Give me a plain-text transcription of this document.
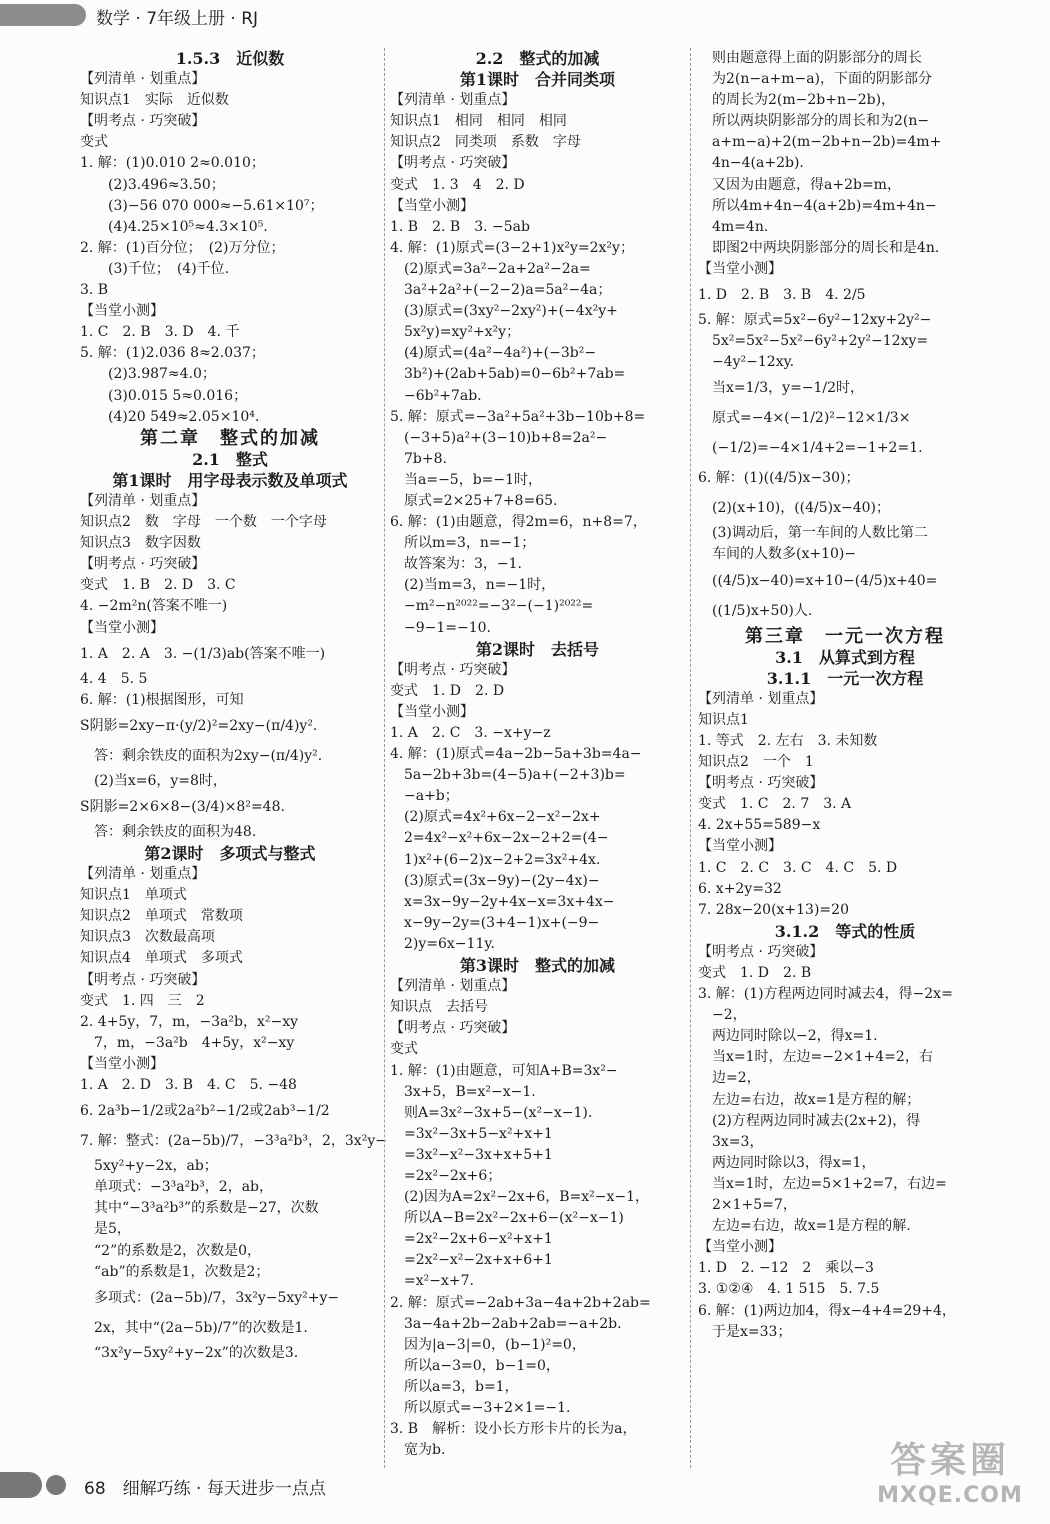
数学 · 7年级上册 · RJ
1.5.3　近似数
【列清单 · 划重点】
知识点1　实际　近似数
【明考点 · 巧突破】
变式
1. 解：(1)0.010 2≈0.010；
　　(2)3.496≈3.50；
　　(3)−56 070 000≈−5.61×10⁷；
　　(4)4.25×10⁵≈4.3×10⁵.
2. 解：(1)百分位；　(2)万分位；
　　(3)千位；　(4)千位.
3. B
【当堂小测】
1. C　2. B　3. D　4. 千
5. 解：(1)2.036 8≈2.037；
　　(2)3.987≈4.0；
　　(3)0.015 5≈0.016；
　　(4)20 549≈2.05×10⁴.
第二章　整式的加减
2.1　整式
第1课时　用字母表示数及单项式
【列清单 · 划重点】
知识点2　数　字母　一个数　一个字母
知识点3　数字因数
【明考点 · 巧突破】
变式　1. B　2. D　3. C
4. −2m²n(答案不唯一)
【当堂小测】
1. A　2. A　3. −(1/3)ab(答案不唯一)
4. 4　5. 5
6. 解：(1)根据图形，可知
S阴影=2xy−π·(y/2)²=2xy−(π/4)y².
　答：剩余铁皮的面积为2xy−(π/4)y².
　(2)当x=6，y=8时，
S阴影=2×6×8−(3/4)×8²=48.
　答：剩余铁皮的面积为48.
第2课时　多项式与整式
【列清单 · 划重点】
知识点1　单项式
知识点2　单项式　常数项
知识点3　次数最高项
知识点4　单项式　多项式
【明考点 · 巧突破】
变式　1. 四　三　2
2. 4+5y，7，m，−3a²b，x²−xy
　7，m，−3a²b　4+5y，x²−xy
【当堂小测】
1. A　2. D　3. B　4. C　5. −48
6. 2a³b−1/2或2a²b²−1/2或2ab³−1/2
7. 解：整式：(2a−5b)/7，−3³a²b³，2，3x²y−
　5xy²+y−2x，ab；
　单项式：−3³a²b³，2，ab，
　其中“−3³a²b³”的系数是−27，次数
　是5，
　“2”的系数是2，次数是0，
　“ab”的系数是1，次数是2；
　多项式：(2a−5b)/7，3x²y−5xy²+y−
　2x，其中“(2a−5b)/7”的次数是1.
　“3x²y−5xy²+y−2x”的次数是3.
2.2　整式的加减
第1课时　合并同类项
【列清单 · 划重点】
知识点1　相同　相同　相同
知识点2　同类项　系数　字母
【明考点 · 巧突破】
变式　1. 3　4　2. D
【当堂小测】
1. B　2. B　3. −5ab
4. 解：(1)原式=(3−2+1)x²y=2x²y；
　(2)原式=3a²−2a+2a²−2a=
　3a²+2a²+(−2−2)a=5a²−4a；
　(3)原式=(3xy²−2xy²)+(−4x²y+
　5x²y)=xy²+x²y；
　(4)原式=(4a²−4a²)+(−3b²−
　3b²)+(2ab+5ab)=0−6b²+7ab=
　−6b²+7ab.
5. 解：原式=−3a²+5a²+3b−10b+8=
　(−3+5)a²+(3−10)b+8=2a²−
　7b+8.
　当a=−5，b=−1时，
　原式=2×25+7+8=65.
6. 解：(1)由题意，得2m=6，n+8=7，
　所以m=3，n=−1；
　故答案为：3，−1.
　(2)当m=3，n=−1时，
　−m²−n²⁰²²=−3²−(−1)²⁰²²=
　−9−1=−10.
第2课时　去括号
【明考点 · 巧突破】
变式　1. D　2. D
【当堂小测】
1. A　2. C　3. −x+y−z
4. 解：(1)原式=4a−2b−5a+3b=4a−
　5a−2b+3b=(4−5)a+(−2+3)b=
　−a+b；
　(2)原式=4x²+6x−2−x²−2x+
　2=4x²−x²+6x−2x−2+2=(4−
　1)x²+(6−2)x−2+2=3x²+4x.
　(3)原式=(3x−9y)−(2y−4x)−
　x=3x−9y−2y+4x−x=3x+4x−
　x−9y−2y=(3+4−1)x+(−9−
　2)y=6x−11y.
第3课时　整式的加减
【列清单 · 划重点】
知识点　去括号
【明考点 · 巧突破】
变式
1. 解：(1)由题意，可知A+B=3x²−
　3x+5，B=x²−x−1.
　则A=3x²−3x+5−(x²−x−1).
　=3x²−3x+5−x²+x+1
　=3x²−x²−3x+x+5+1
　=2x²−2x+6；
　(2)因为A=2x²−2x+6，B=x²−x−1，
　所以A−B=2x²−2x+6−(x²−x−1)
　=2x²−2x+6−x²+x+1
　=2x²−x²−2x+x+6+1
　=x²−x+7.
2. 解：原式=−2ab+3a−4a+2b+2ab=
　3a−4a+2b−2ab+2ab=−a+2b.
　因为|a−3|=0，(b−1)²=0，
　所以a−3=0，b−1=0，
　所以a=3，b=1，
　所以原式=−3+2×1=−1.
3. B　解析：设小长方形卡片的长为a，
　宽为b.
　则由题意得上面的阴影部分的周长
　为2(n−a+m−a)，下面的阴影部分
　的周长为2(m−2b+n−2b)，
　所以两块阴影部分的周长和为2(n−
　a+m−a)+2(m−2b+n−2b)=4m+
　4n−4(a+2b).
　又因为由题意，得a+2b=m，
　所以4m+4n−4(a+2b)=4m+4n−
　4m=4n.
　即图2中两块阴影部分的周长和是4n.
【当堂小测】
1. D　2. B　3. B　4. 2/5
5. 解：原式=5x²−6y²−12xy+2y²−
　5x²=5x²−5x²−6y²+2y²−12xy=
　−4y²−12xy.
　当x=1/3，y=−1/2时，
　原式=−4×(−1/2)²−12×1/3×
　(−1/2)=−4×1/4+2=−1+2=1.
6. 解：(1)((4/5)x−30)；
　(2)(x+10)，((4/5)x−40)；
　(3)调动后，第一车间的人数比第二
　车间的人数多(x+10)−
　((4/5)x−40)=x+10−(4/5)x+40=
　((1/5)x+50)人.
第三章　一元一次方程
3.1　从算式到方程
3.1.1　一元一次方程
【列清单 · 划重点】
知识点1
1. 等式　2. 左右　3. 未知数
知识点2　一个　1
【明考点 · 巧突破】
变式　1. C　2. 7　3. A
4. 2x+55=589−x
【当堂小测】
1. C　2. C　3. C　4. C　5. D
6. x+2y=32
7. 28x−20(x+13)=20
3.1.2　等式的性质
【明考点 · 巧突破】
变式　1. D　2. B
3. 解：(1)方程两边同时减去4，得−2x=
　−2，
　两边同时除以−2，得x=1.
　当x=1时，左边=−2×1+4=2，右
　边=2，
　左边=右边，故x=1是方程的解；
　(2)方程两边同时减去(2x+2)，得
　3x=3，
　两边同时除以3，得x=1，
　当x=1时，左边=5×1+2=7，右边=
　2×1+5=7，
　左边=右边，故x=1是方程的解.
【当堂小测】
1. D　2. −12　2　乘以−3
3. ①②④　4. 1 515　5. 7.5
6. 解：(1)两边加4，得x−4+4=29+4，
　于是x=33；
68　 细解巧练 · 每天进步一点点
答案圈
MXQE.COM
